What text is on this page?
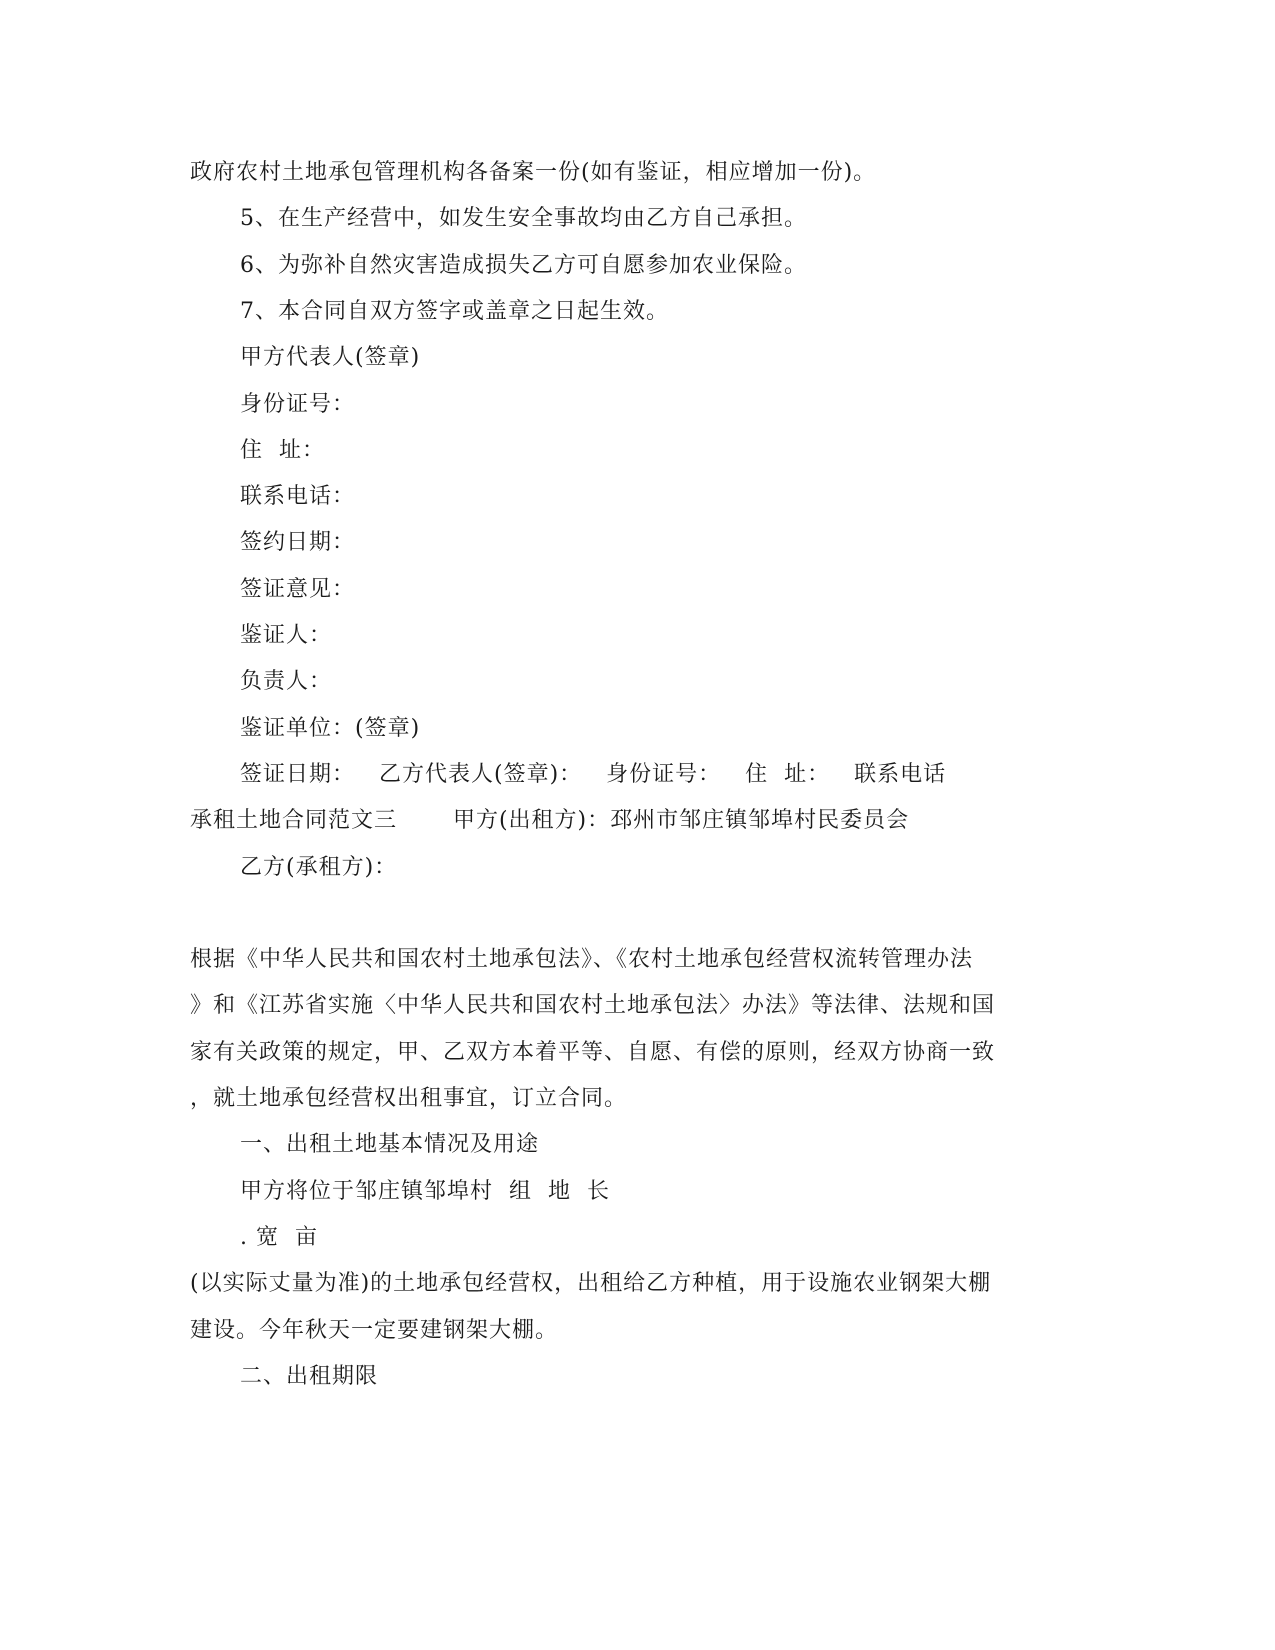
政府农村土地承包管理机构各备案一份(如有鉴证，相应增加一份)。
5、在生产经营中，如发生安全事故均由乙方自己承担。
6、为弥补自然灾害造成损失乙方可自愿参加农业保险。
7、本合同自双方签字或盖章之日起生效。
甲方代表人(签章)
身份证号：
住  址：
联系电话：
签约日期：
签证意见：
鉴证人：
负责人：
鉴证单位：(签章)
签证日期：   乙方代表人(签章)：   身份证号：   住  址：   联系电话
承租土地合同范文三       甲方(出租方)：邳州市邹庄镇邹埠村民委员会
乙方(承租方)：
根据《中华人民共和国农村土地承包法》、《农村土地承包经营权流转管理办法
》和《江苏省实施〈中华人民共和国农村土地承包法〉办法》等法律、法规和国
家有关政策的规定，甲、乙双方本着平等、自愿、有偿的原则，经双方协商一致
，就土地承包经营权出租事宜，订立合同。
一、出租土地基本情况及用途
甲方将位于邹庄镇邹埠村  组  地  长
. 宽  亩
(以实际丈量为准)的土地承包经营权，出租给乙方种植，用于设施农业钢架大棚
建设。今年秋天一定要建钢架大棚。
二、出租期限
